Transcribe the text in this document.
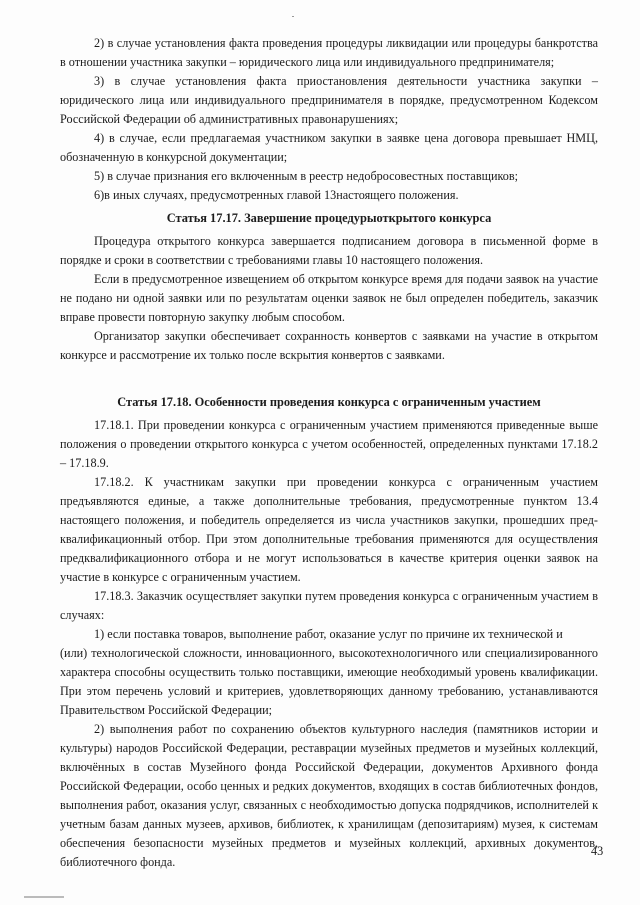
2) в случае установления факта проведения процедуры ликвидации или процедуры банкротства в отношении участника закупки – юридического лица или индивидуального предпринимателя;

3) в случае установления факта приостановления деятельности участника закупки – юридического лица или индивидуального предпринимателя в порядке, предусмотренном Кодексом Российской Федерации об административных правонарушениях;

4) в случае, если предлагаемая участником закупки в заявке цена договора превышает НМЦ, обозначенную в конкурсной документации;

5) в случае признания его включенным в реестр недобросовестных поставщиков;

6)в иных случаях, предусмотренных главой 13настоящего положения.

Статья 17.17. Завершение процедурыоткрытого конкурса

Процедура открытого конкурса завершается подписанием договора в письменной форме в порядке и сроки в соответствии с требованиями главы 10 настоящего положения.

Если в предусмотренное извещением об открытом конкурсе время для подачи заявок на участие не подано ни одной заявки или по результатам оценки заявок не был определен победитель, заказчик вправе провести повторную закупку любым способом.

Организатор закупки обеспечивает сохранность конвертов с заявками на участие в открытом конкурсе и рассмотрение их только после вскрытия конвертов с заявками.

Статья 17.18. Особенности проведения конкурса с ограниченным участием

17.18.1. При проведении конкурса с ограниченным участием применяются приведенные выше положения о проведении открытого конкурса с учетом особенностей, определенных пунктами 17.18.2 – 17.18.9.

17.18.2. К участникам закупки при проведении конкурса с ограниченным участием предъявляются единые, а также дополнительные требования, предусмотренные пунктом 13.4 настоящего положения, и победитель определяется из числа участников закупки, прошедших пред-квалификационный отбор. При этом дополнительные требования применяются для осуществления предквалификационного отбора и не могут использоваться в качестве критерия оценки заявок на участие в конкурсе с ограниченным участием.

17.18.3. Заказчик осуществляет закупки путем проведения конкурса с ограниченным участием в случаях:

1) если поставка товаров, выполнение работ, оказание услуг по причине их технической и

(или) технологической сложности, инновационного, высокотехнологичного или специализированного характера способны осуществить только поставщики, имеющие необходимый уровень квалификации. При этом перечень условий и критериев, удовлетворяющих данному требованию, устанавливаются Правительством Российской Федерации;

2) выполнения работ по сохранению объектов культурного наследия (памятников истории и культуры) народов Российской Федерации, реставрации музейных предметов и музейных коллекций, включённых в состав Музейного фонда Российской Федерации, документов Архивного фонда Российской Федерации, особо ценных и редких документов, входящих в состав библиотечных фондов, выполнения работ, оказания услуг, связанных с необходимостью допуска подрядчиков, исполнителей к учетным базам данных музеев, архивов, библиотек, к хранилищам (депозитариям) музея, к системам обеспечения безопасности музейных предметов и музейных коллекций, архивных документов, библиотечного фонда.

43
